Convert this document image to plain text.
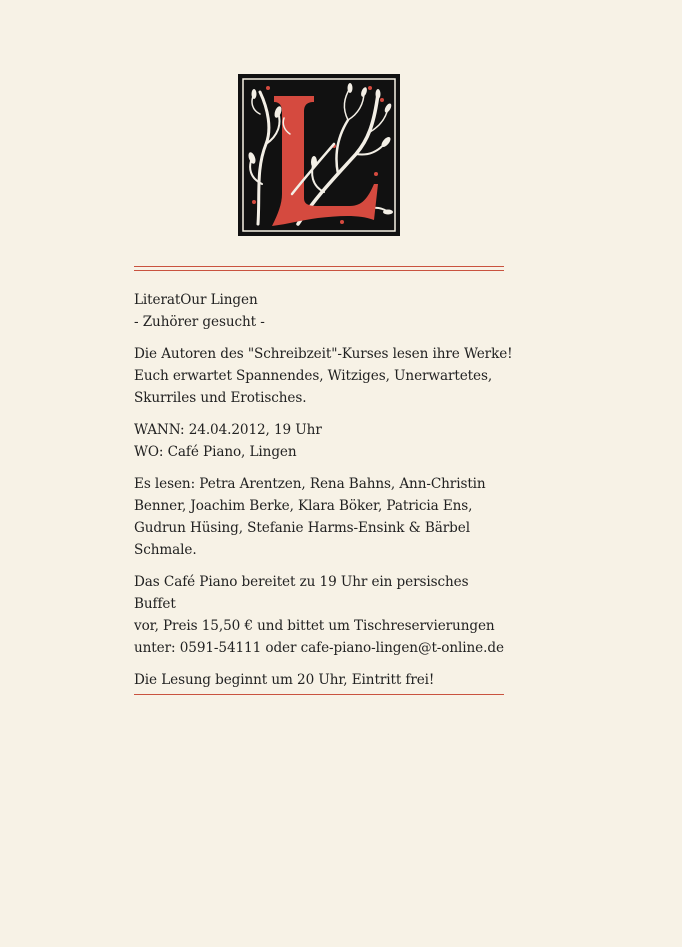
LiteratOur Lingen
- Zuhörer gesucht -

Die Autoren des "Schreibzeit"-Kurses lesen ihre Werke!
Euch erwartet Spannendes, Witziges, Unerwartetes,
Skurriles und Erotisches.

WANN: 24.04.2012, 19 Uhr
WO: Café Piano, Lingen

Es lesen: Petra Arentzen, Rena Bahns, Ann-Christin
Benner, Joachim Berke, Klara Böker, Patricia Ens,
Gudrun Hüsing, Stefanie Harms-Ensink & Bärbel
Schmale.

Das Café Piano bereitet zu 19 Uhr ein persisches Buffet
vor, Preis 15,50 € und bittet um Tischreservierungen
unter: 0591-54111 oder cafe-piano-lingen@t-online.de

Die Lesung beginnt um 20 Uhr, Eintritt frei!
